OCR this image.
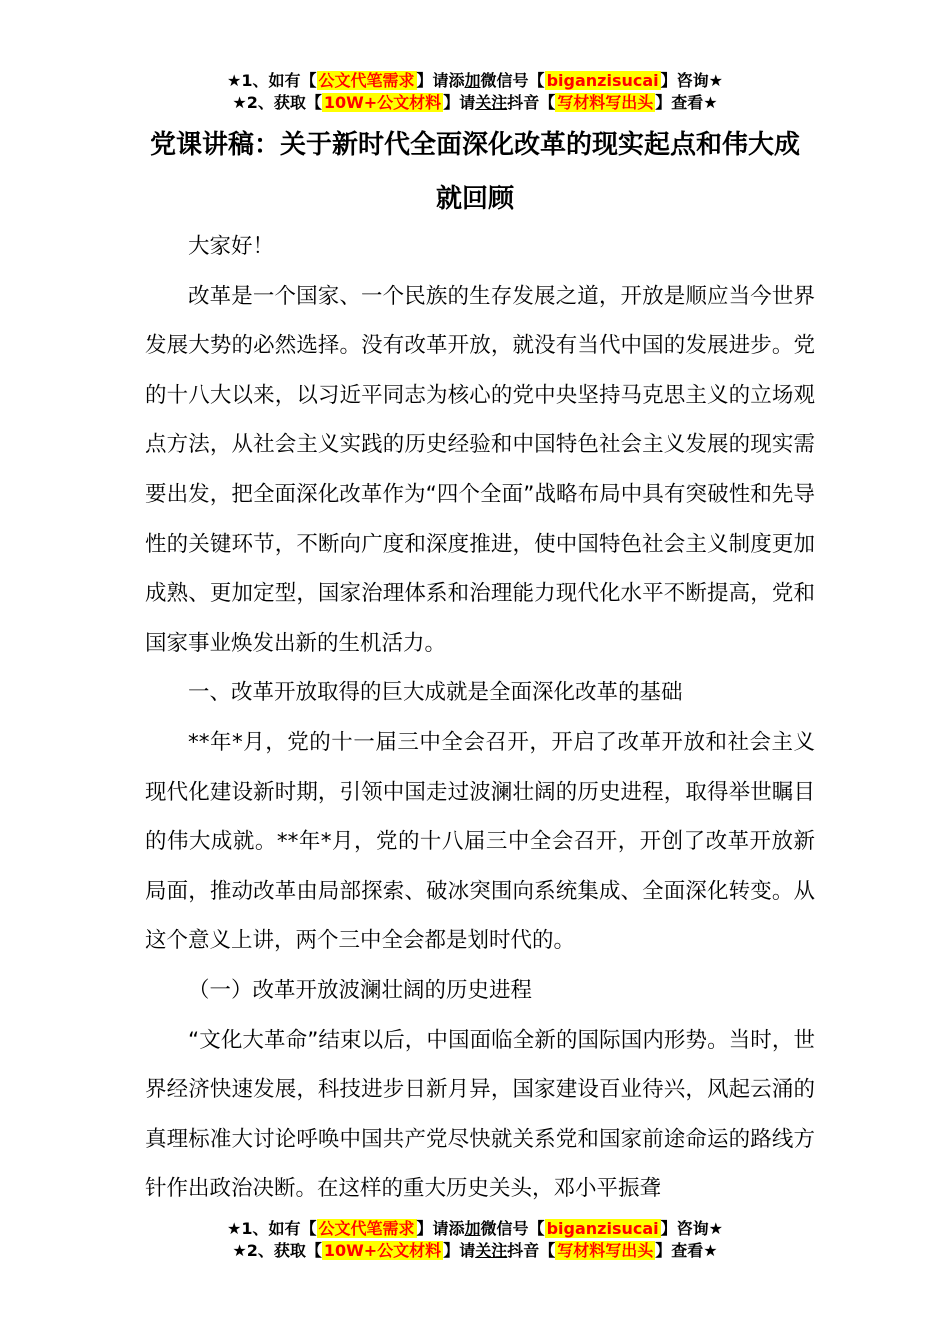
★1、如有【 公文代笔需求 】请添加微信号【 biganzisucai 】咨询★
★2、获取【 10W+公文材料 】请关注抖音【 写材料写出头 】查看★
党课讲稿：关于新时代全面深化改革的现实起点和伟大成
就回顾

大家好！

改革是一个国家、一个民族的生存发展之道，开放是顺应当今世界发展大势的必然选择。没有改革开放，就没有当代中国的发展进步。党的十八大以来，以习近平同志为核心的党中央坚持马克思主义的立场观点方法，从社会主义实践的历史经验和中国特色社会主义发展的现实需要出发，把全面深化改革作为“四个全面”战略布局中具有突破性和先导性的关键环节，不断向广度和深度推进，使中国特色社会主义制度更加成熟、更加定型，国家治理体系和治理能力现代化水平不断提高，党和国家事业焕发出新的生机活力。

一、改革开放取得的巨大成就是全面深化改革的基础

**年*月，党的十一届三中全会召开，开启了改革开放和社会主义现代化建设新时期，引领中国走过波澜壮阔的历史进程，取得举世瞩目的伟大成就。**年*月，党的十八届三中全会召开，开创了改革开放新局面，推动改革由局部探索、破冰突围向系统集成、全面深化转变。从这个意义上讲，两个三中全会都是划时代的。

（一）改革开放波澜壮阔的历史进程

“文化大革命”结束以后，中国面临全新的国际国内形势。当时，世界经济快速发展，科技进步日新月异，国家建设百业待兴，风起云涌的真理标准大讨论呼唤中国共产党尽快就关系党和国家前途命运的路线方针作出政治决断。在这样的重大历史关头，邓小平振聋

★1、如有【 公文代笔需求 】请添加微信号【 biganzisucai 】咨询★
★2、获取【 10W+公文材料 】请关注抖音【 写材料写出头 】查看★
